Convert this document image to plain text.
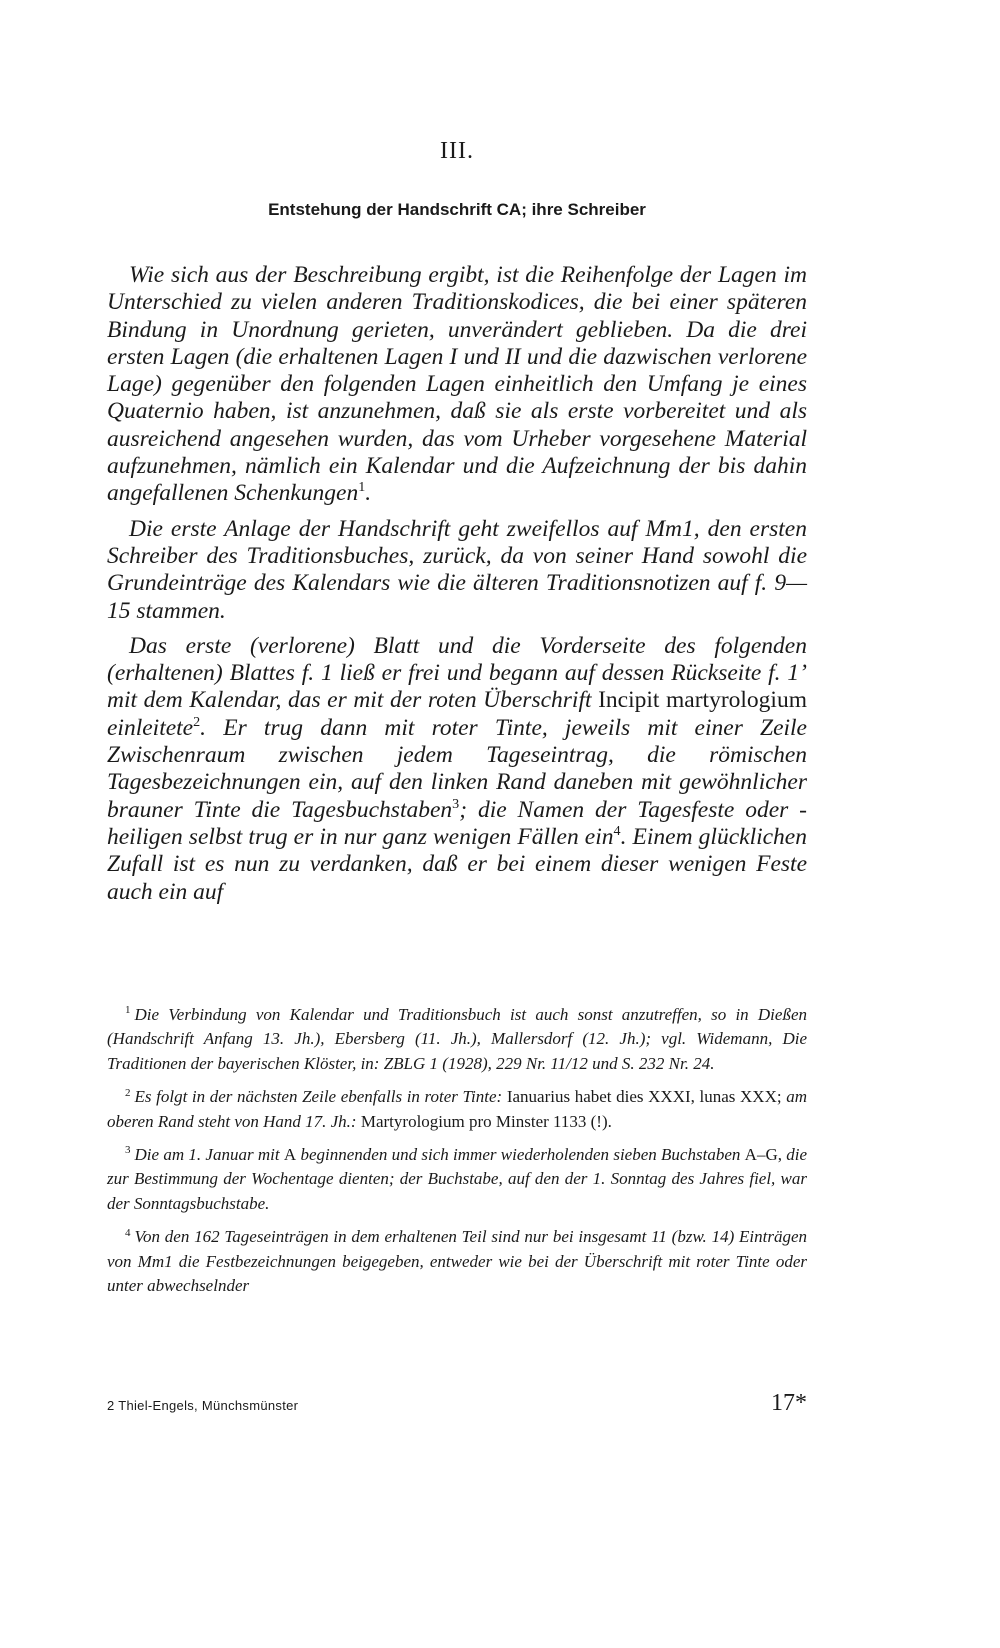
III.
Entstehung der Handschrift CA; ihre Schreiber

Wie sich aus der Beschreibung ergibt, ist die Reihenfolge der Lagen im Unterschied zu vielen anderen Traditionskodices, die bei einer späteren Bindung in Unordnung gerieten, unverändert geblieben. Da die drei ersten Lagen (die erhaltenen Lagen I und II und die dazwischen verlorene Lage) gegenüber den folgenden Lagen einheitlich den Umfang je eines Quaternio haben, ist anzunehmen, daß sie als erste vorbereitet und als ausreichend angesehen wurden, das vom Urheber vorgesehene Material aufzunehmen, nämlich ein Kalendar und die Aufzeichnung der bis dahin angefallenen Schenkungen$^1$.

Die erste Anlage der Handschrift geht zweifellos auf Mm1, den ersten Schreiber des Traditionsbuches, zurück, da von seiner Hand sowohl die Grundeinträge des Kalendars wie die älteren Traditionsnotizen auf f. 9—15 stammen.

Das erste (verlorene) Blatt und die Vorderseite des folgenden (erhaltenen) Blattes f. 1 ließ er frei und begann auf dessen Rückseite f. 1’ mit dem Kalendar, das er mit der roten Überschrift Incipit martyrologium einleitete$^2$. Er trug dann mit roter Tinte, jeweils mit einer Zeile Zwischenraum zwischen jedem Tageseintrag, die römischen Tagesbezeichnungen ein, auf den linken Rand daneben mit gewöhnlicher brauner Tinte die Tagesbuchstaben$^3$; die Namen der Tagesfeste oder -heiligen selbst trug er in nur ganz wenigen Fällen ein$^4$. Einem glücklichen Zufall ist es nun zu verdanken, daß er bei einem dieser wenigen Feste auch ein auf

$^1$ Die Verbindung von Kalendar und Traditionsbuch ist auch sonst anzutreffen, so in Dießen (Handschrift Anfang 13. Jh.), Ebersberg (11. Jh.), Mallersdorf (12. Jh.); vgl. Widemann, Die Traditionen der bayerischen Klöster, in: ZBLG 1 (1928), 229 Nr. 11/12 und S. 232 Nr. 24.
$^2$ Es folgt in der nächsten Zeile ebenfalls in roter Tinte: Ianuarius habet dies XXXI, lunas XXX; am oberen Rand steht von Hand 17. Jh.: Martyrologium pro Minster 1133 (!).
$^3$ Die am 1. Januar mit A beginnenden und sich immer wiederholenden sieben Buchstaben A–G, die zur Bestimmung der Wochentage dienten; der Buchstabe, auf den der 1. Sonntag des Jahres fiel, war der Sonntagsbuchstabe.
$^4$ Von den 162 Tageseinträgen in dem erhaltenen Teil sind nur bei insgesamt 11 (bzw. 14) Einträgen von Mm1 die Festbezeichnungen beigegeben, entweder wie bei der Überschrift mit roter Tinte oder unter abwechselnder
2 Thiel-Engels, Münchsmünster	17*
